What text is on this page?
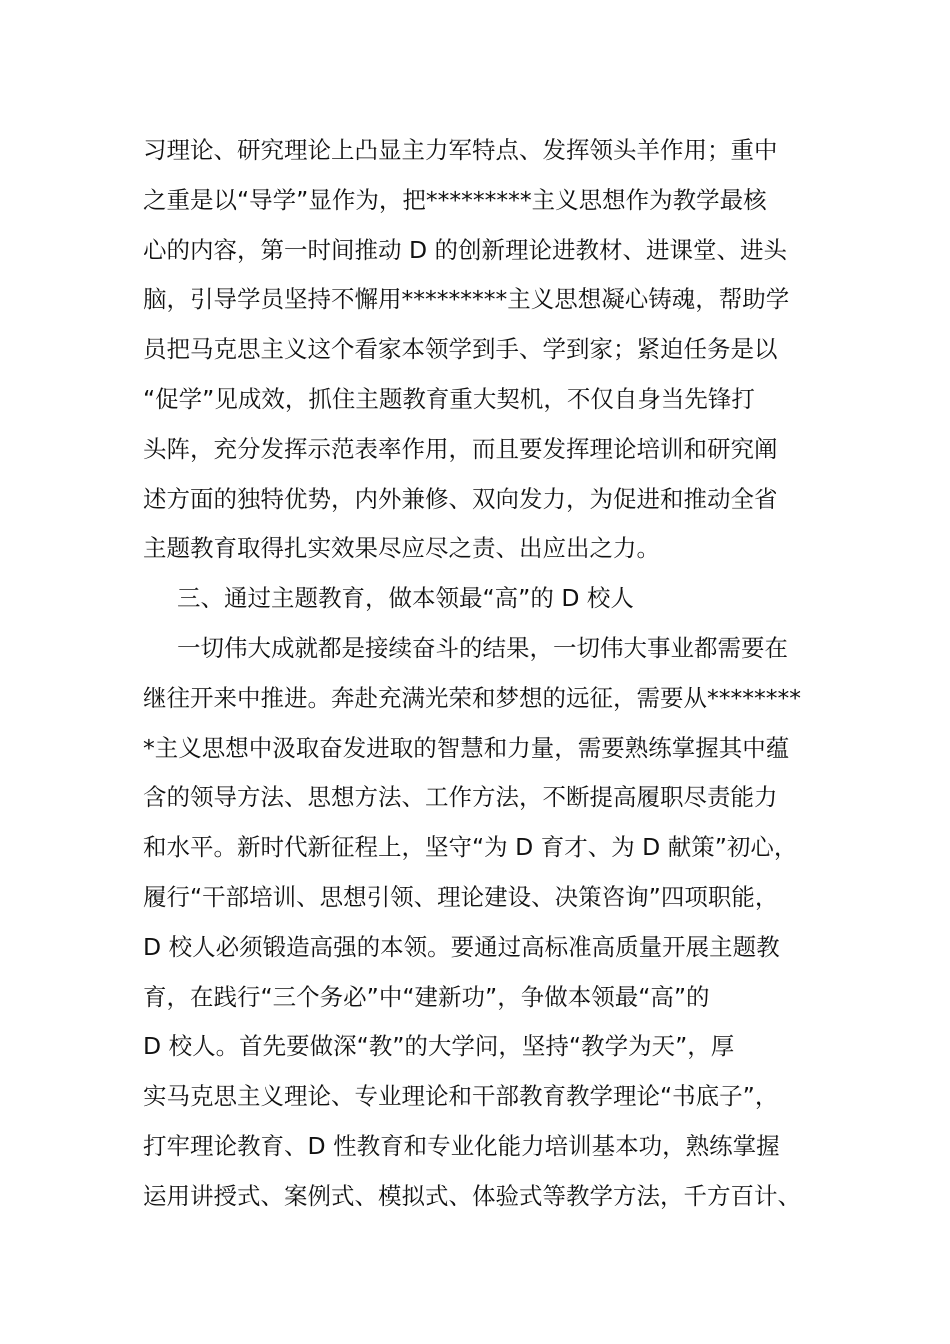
习理论、研究理论上凸显主力军特点、发挥领头羊作用；重中
之重是以“导学”显作为，把*********主义思想作为教学最核
心的内容，第一时间推动 D 的创新理论进教材、进课堂、进头
脑，引导学员坚持不懈用*********主义思想凝心铸魂，帮助学
员把马克思主义这个看家本领学到手、学到家；紧迫任务是以
“促学”见成效，抓住主题教育重大契机，不仅自身当先锋打
头阵，充分发挥示范表率作用，而且要发挥理论培训和研究阐
述方面的独特优势，内外兼修、双向发力，为促进和推动全省
主题教育取得扎实效果尽应尽之责、出应出之力。
三、通过主题教育，做本领最“高”的 D 校人
一切伟大成就都是接续奋斗的结果，一切伟大事业都需要在
继往开来中推进。奔赴充满光荣和梦想的远征，需要从********
*主义思想中汲取奋发进取的智慧和力量，需要熟练掌握其中蕴
含的领导方法、思想方法、工作方法，不断提高履职尽责能力
和水平。新时代新征程上，坚守“为 D 育才、为 D 献策”初心，
履行“干部培训、思想引领、理论建设、决策咨询”四项职能，
D 校人必须锻造高强的本领。要通过高标准高质量开展主题教
育，在践行“三个务必”中“建新功”，争做本领最“高”的
D 校人。首先要做深“教”的大学问，坚持“教学为天”，厚
实马克思主义理论、专业理论和干部教育教学理论“书底子”，
打牢理论教育、D 性教育和专业化能力培训基本功，熟练掌握
运用讲授式、案例式、模拟式、体验式等教学方法，千方百计、
